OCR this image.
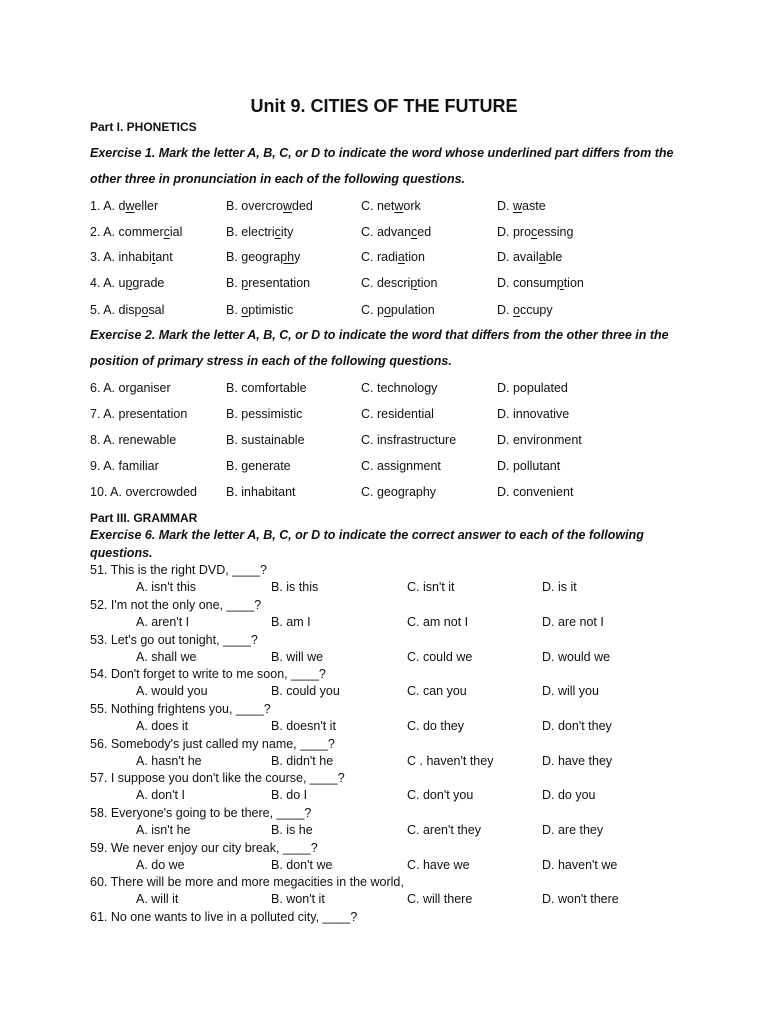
Unit 9. CITIES OF THE FUTURE

Part I. PHONETICS

Exercise 1. Mark the letter A, B, C, or D to indicate the word whose underlined part differs from the other three in pronunciation in each of the following questions.

1. A. dweller	B. overcrowded	C. network	D. waste
2. A. commercial	B. electricity	C. advanced	D. processing
3. A. inhabitant	B. geography	C. radiation	D. available
4. A. upgrade	B. presentation	C. description	D. consumption
5. A. disposal	B. optimistic	C. population	D. occupy

Exercise 2. Mark the letter A, B, C, or D to indicate the word that differs from the other three in the position of primary stress in each of the following questions.

6. A. organiser	B. comfortable	C. technology	D. populated
7. A. presentation	B. pessimistic	C. residential	D. innovative
8. A. renewable	B. sustainable	C. insfrastructure	D. environment
9. A. familiar	B. generate	C. assignment	D. pollutant
10. A. overcrowded B. inhabitant	C. geography	D. convenient

Part III. GRAMMAR

Exercise 6. Mark the letter A, B, C, or D to indicate the correct answer to each of the following questions.

51. This is the right DVD, ____?

A. isn't this	B. is this	C. isn't it	D. is it

52. I'm not the only one, ____?

A. aren't I	B. am I	C. am not I	D. are not I

53. Let's go out tonight, ____?

A. shall we	B. will we	C. could we	D. would we

54. Don't forget to write to me soon, ____?

A. would you	B. could you	C. can you	D. will you

55. Nothing frightens you, ____?

A. does it	B. doesn't it	C. do they	D. don't they

56. Somebody's just called my name, ____?

A. hasn't he	B. didn't he	C . haven't they	D. have they

57. I suppose you don't like the course, ____?

A. don't I	B. do I	C. don't you	D. do you

58. Everyone's going to be there, ____?

A. isn't he	B. is he	C. aren't they	D. are they

59. We never enjoy our city break, ____?

A. do we	B. don't we	C. have we	D. haven't we

60. There will be more and more megacities in the world,

A. will it	B. won't it	C. will there	D. won't there

61. No one wants to live in a polluted city, ____?
